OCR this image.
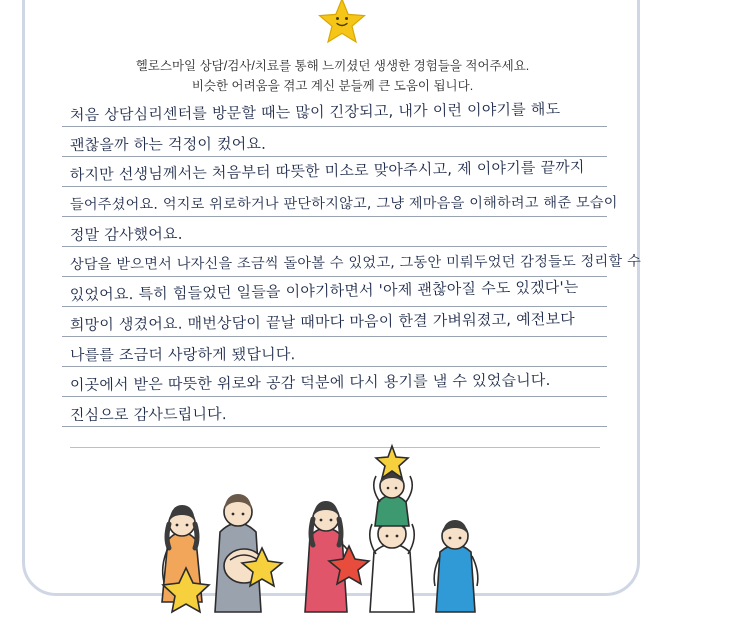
헬로스마일 상담/검사/치료를 통해 느끼셨던 생생한 경험들을 적어주세요.
비슷한 어려움을 겪고 계신 분들께 큰 도움이 됩니다.
처음 상담심리센터를 방문할 때는 많이 긴장되고, 내가 이런 이야기를 해도
괜찮을까 하는 걱정이 컸어요.
하지만 선생님께서는 처음부터 따뜻한 미소로 맞아주시고, 제 이야기를 끝까지
들어주셨어요. 억지로 위로하거나 판단하지않고, 그냥 제마음을 이해하려고 해준 모습이
정말 감사했어요.
상담을 받으면서 나자신을 조금씩 돌아볼 수 있었고, 그동안 미뤄두었던 감정들도 정리할 수
있었어요. 특히 힘들었던 일들을 이야기하면서 '아제 괜찮아질 수도 있겠다'는
희망이 생겼어요. 매번상담이 끝날 때마다 마음이 한결 가벼워졌고, 예전보다
나를를 조금더 사랑하게 됐답니다.
이곳에서 받은 따뜻한 위로와 공감 덕분에 다시 용기를 낼 수 있었습니다.
진심으로 감사드립니다.
